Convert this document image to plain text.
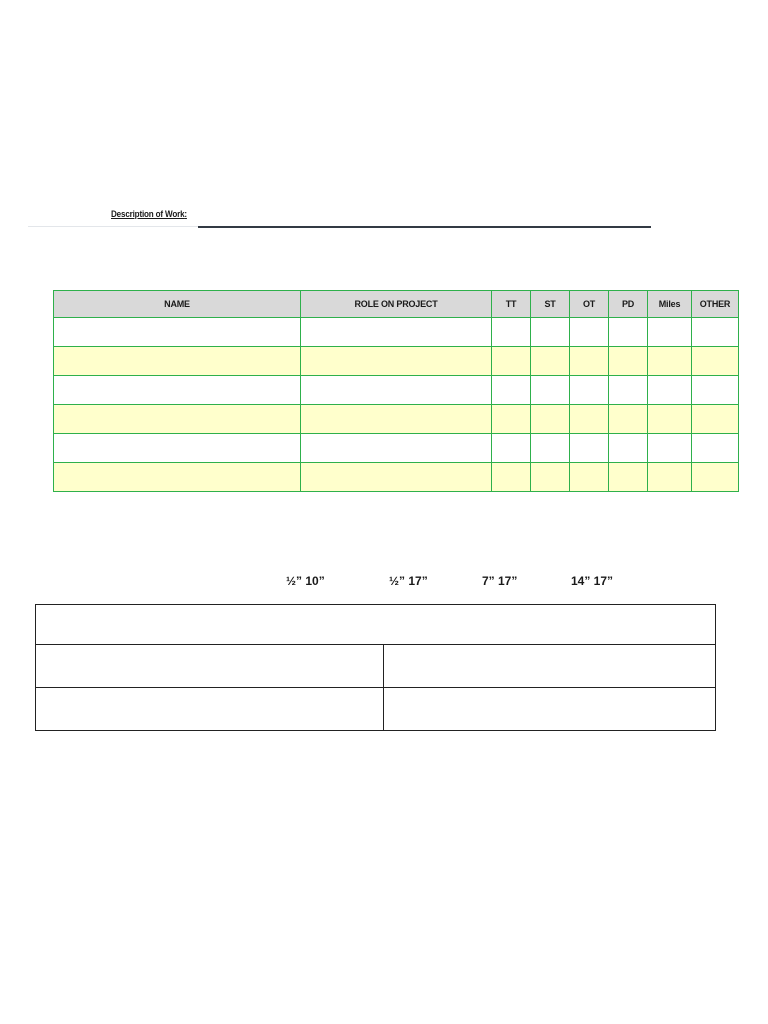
Description of Work:
NAME	ROLE ON PROJECT	TT	ST	OT	PD	Miles	OTHER

½” 10”	½” 17”	7” 17”	14” 17”
